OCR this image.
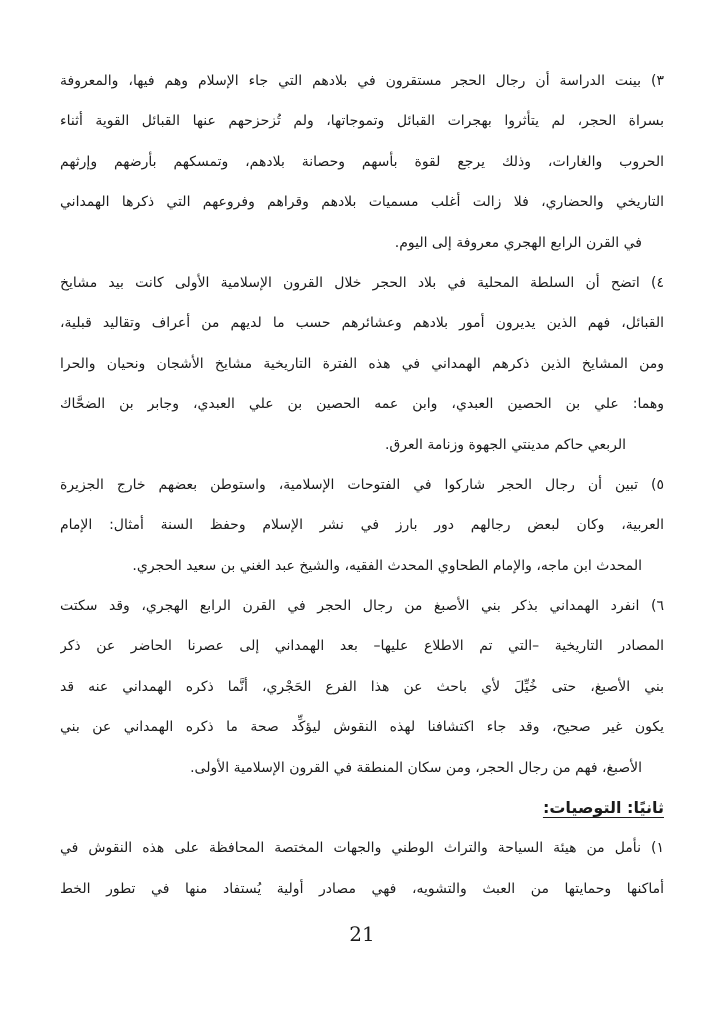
٣) بينت الدراسة أن رجال الحجر مستقرون في بلادهم التي جاء الإسلام وهم فيها، والمعروفة
بسراة الحجر، لم يتأثروا بهجرات القبائل وتموجاتها، ولم تُزحزحهم عنها القبائل القوية أثناء
الحروب والغارات، وذلك يرجع لقوة بأسهم وحصانة بلادهم، وتمسكهم بأرضهم وإرثهم
التاريخي والحضاري، فلا زالت أغلب مسميات بلادهم وقراهم وفروعهم التي ذكرها الهمداني
في القرن الرابع الهجري معروفة إلى اليوم.
٤) اتضح أن السلطة المحلية في بلاد الحجر خلال القرون الإسلامية الأولى كانت بيد مشايخ
القبائل، فهم الذين يديرون أمور بلادهم وعشائرهم حسب ما لديهم من أعراف وتقاليد قبلية،
ومن المشايخ الذين ذكرهم الهمداني في هذه الفترة التاريخية مشايخ الأشجان ونحيان والحرا
وهما: علي بن الحصين العبدي، وابن عمه الحصين بن علي العبدي، وجابر بن الضحَّاك
الربعي حاكم مدينتي الجهوة وزنامة العرق.
٥) تبين أن رجال الحجر شاركوا في الفتوحات الإسلامية، واستوطن بعضهم خارج الجزيرة
العربية، وكان لبعض رجالهم دور بارز في نشر الإسلام وحفظ السنة أمثال: الإمام
المحدث ابن ماجه، والإمام الطحاوي المحدث الفقيه، والشيخ عبد الغني بن سعيد الحجري.
٦) انفرد الهمداني بذكر بني الأصبغ من رجال الحجر في القرن الرابع الهجري، وقد سكتت
المصادر التاريخية –التي تم الاطلاع عليها– بعد الهمداني إلى عصرنا الحاضر عن ذكر
بني الأصبغ، حتى خُيِّلَ لأي باحث عن هذا الفرع الحَجْري، أنَّما ذكره الهمداني عنه قد
يكون غير صحيح، وقد جاء اكتشافنا لهذه النقوش ليؤكِّد صحة ما ذكره الهمداني عن بني
الأصبغ، فهم من رجال الحجر، ومن سكان المنطقة في القرون الإسلامية الأولى.
ثانيًا: التوصيات:
١) نأمل من هيئة السياحة والتراث الوطني والجهات المختصة المحافظة على هذه النقوش في
أماكنها وحمايتها من العبث والتشويه، فهي مصادر أولية يُستفاد منها في تطور الخط
21
